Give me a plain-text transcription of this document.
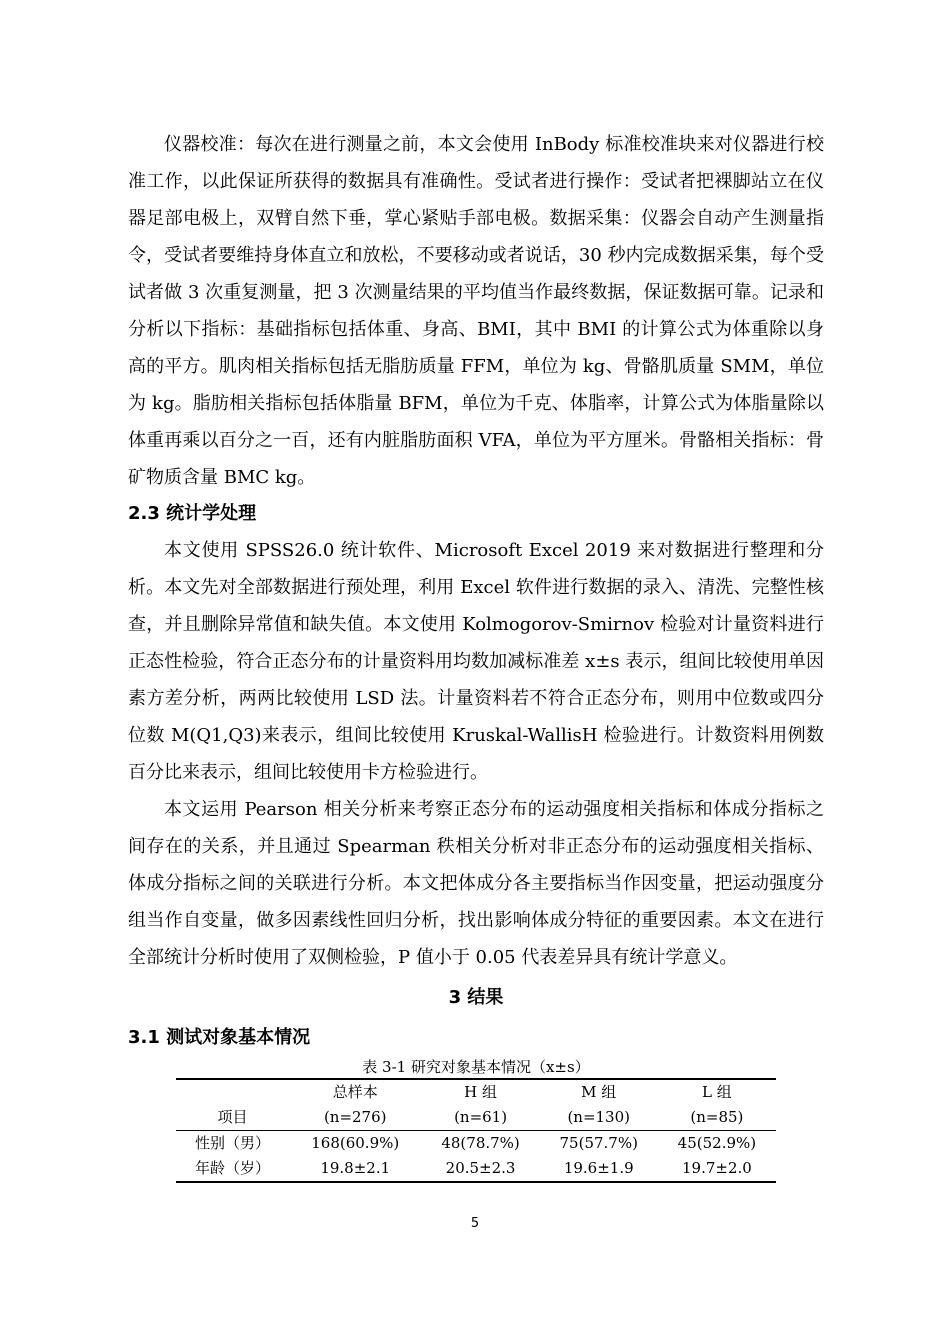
仪器校准：每次在进行测量之前，本文会使用 InBody 标准校准块来对仪器进行校准工作，以此保证所获得的数据具有准确性。受试者进行操作：受试者把裸脚站立在仪器足部电极上，双臂自然下垂，掌心紧贴手部电极。数据采集：仪器会自动产生测量指令，受试者要维持身体直立和放松，不要移动或者说话，30 秒内完成数据采集，每个受试者做 3 次重复测量，把 3 次测量结果的平均值当作最终数据，保证数据可靠。记录和分析以下指标：基础指标包括体重、身高、BMI，其中 BMI 的计算公式为体重除以身高的平方。肌肉相关指标包括无脂肪质量 FFM，单位为 kg、骨骼肌质量 SMM，单位为 kg。脂肪相关指标包括体脂量 BFM，单位为千克、体脂率，计算公式为体脂量除以体重再乘以百分之一百，还有内脏脂肪面积 VFA，单位为平方厘米。骨骼相关指标：骨矿物质含量 BMC kg。

2.3 统计学处理

本文使用 SPSS26.0 统计软件、Microsoft Excel 2019 来对数据进行整理和分析。本文先对全部数据进行预处理，利用 Excel 软件进行数据的录入、清洗、完整性核查，并且删除异常值和缺失值。本文使用 Kolmogorov-Smirnov 检验对计量资料进行正态性检验，符合正态分布的计量资料用均数加减标准差 x±s 表示，组间比较使用单因素方差分析，两两比较使用 LSD 法。计量资料若不符合正态分布，则用中位数或四分位数 M(Q1,Q3)来表示，组间比较使用 Kruskal-WallisH 检验进行。计数资料用例数百分比来表示，组间比较使用卡方检验进行。

本文运用 Pearson 相关分析来考察正态分布的运动强度相关指标和体成分指标之间存在的关系，并且通过 Spearman 秩相关分析对非正态分布的运动强度相关指标、体成分指标之间的关联进行分析。本文把体成分各主要指标当作因变量，把运动强度分组当作自变量，做多因素线性回归分析，找出影响体成分特征的重要因素。本文在进行全部统计分析时使用了双侧检验，P 值小于 0.05 代表差异具有统计学意义。

3 结果
3.1 测试对象基本情况

表 3-1 研究对象基本情况（x±s）

	总样本	H 组	M 组	L 组
项目	(n=276)	(n=61)	(n=130)	(n=85)
性别（男）	168(60.9%)	48(78.7%)	75(57.7%)	45(52.9%)
年龄（岁）	19.8±2.1	20.5±2.3	19.6±1.9	19.7±2.0
5
